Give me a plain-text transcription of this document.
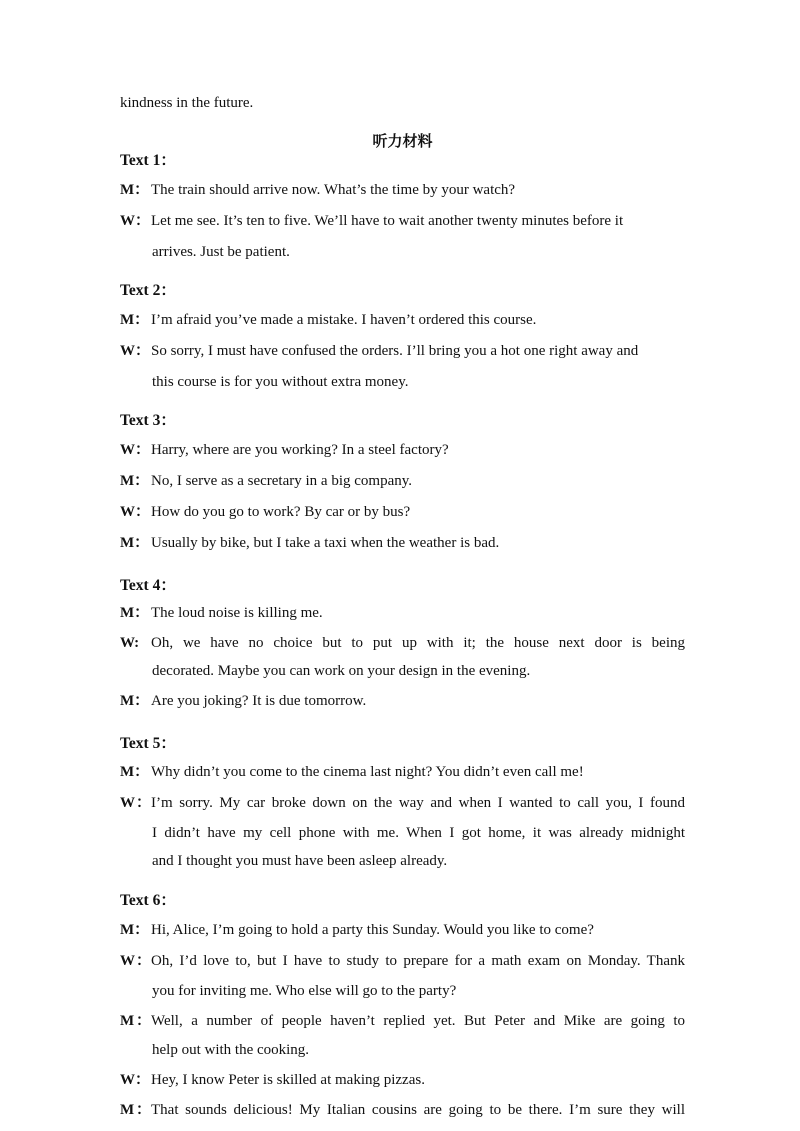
kindness in the future.
听力材料
Text 1：
M： The train should arrive now. What’s the time by your watch?
W：Let me see. It’s ten to five. We’ll have to wait another twenty minutes before it
arrives. Just be patient.
Text 2：
M： I’m afraid you’ve made a mistake. I haven’t ordered this course.
W：So sorry, I must have confused the orders. I’ll bring you a hot one right away and
this course is for you without extra money.
Text 3：
W：Harry, where are you working? In a steel factory?
M： No, I serve as a secretary in a big company.
W：How do you go to work? By car or by bus?
M： Usually by bike, but I take a taxi when the weather is bad.
Text 4：
M： The loud noise is killing me.
W: Oh, we have no choice but to put up with it; the house next door is being
decorated. Maybe you can work on your design in the evening.
M： Are you joking? It is due tomorrow.
Text 5：
M： Why didn’t you come to the cinema last night? You didn’t even call me!
W：I’m sorry. My car broke down on the way and when I wanted to call you, I found
I didn’t have my cell phone with me. When I got home, it was already midnight
and I thought you must have been asleep already.
Text 6：
M： Hi, Alice, I’m going to hold a party this Sunday. Would you like to come?
W：Oh, I’d love to, but I have to study to prepare for a math exam on Monday. Thank
you for inviting me. Who else will go to the party?
M：Well, a number of people haven’t replied yet. But Peter and Mike are going to
help out with the cooking.
W：Hey, I know Peter is skilled at making pizzas.
M：That sounds delicious! My Italian cousins are going to be there. I’m sure they will
